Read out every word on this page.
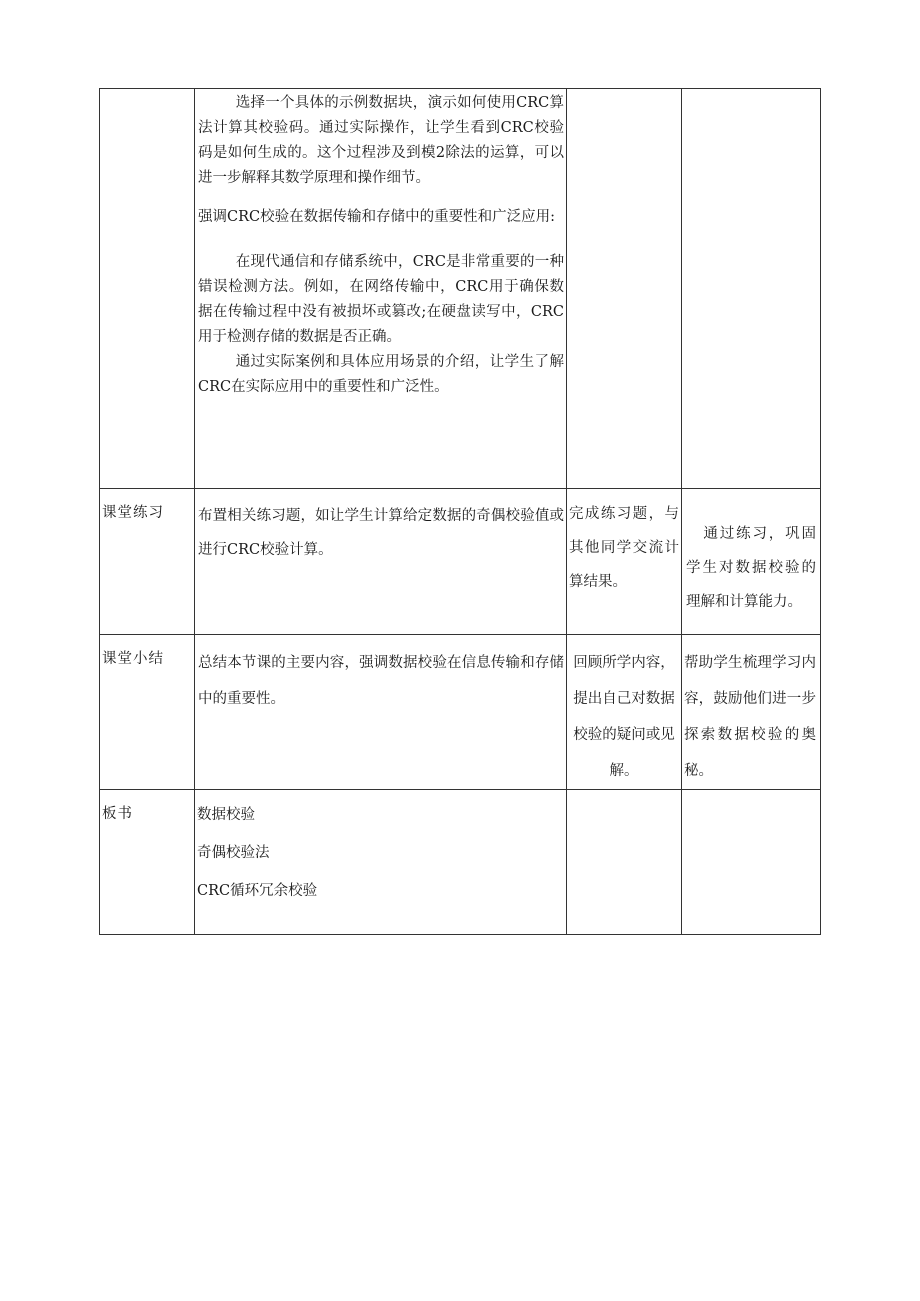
	选择一个具体的示例数据块，演示如何使用CRC算法计算其校验码。通过实际操作，让学生看到CRC校验码是如何生成的。这个过程涉及到模2除法的运算，可以进一步解释其数学原理和操作细节。

强调CRC校验在数据传输和存储中的重要性和广泛应用:

在现代通信和存储系统中，CRC是非常重要的一种错误检测方法。例如，在网络传输中，CRC用于确保数据在传输过程中没有被损坏或篡改;在硬盘读写中，CRC用于检测存储的数据是否正确。

通过实际案例和具体应用场景的介绍，让学生了解CRC在实际应用中的重要性和广泛性。		

课堂练习	布置相关练习题，如让学生计算给定数据的奇偶校验值或进行CRC校验计算。	完成练习题，与其他同学交流计算结果。	通过练习，巩固学生对数据校验的理解和计算能力。

课堂小结	总结本节课的主要内容，强调数据校验在信息传输和存储中的重要性。	回顾所学内容，提出自己对数据校验的疑问或见解。	帮助学生梳理学习内容，鼓励他们进一步探索数据校验的奥秘。

板书	数据校验
奇偶校验法
CRC循环冗余校验		
